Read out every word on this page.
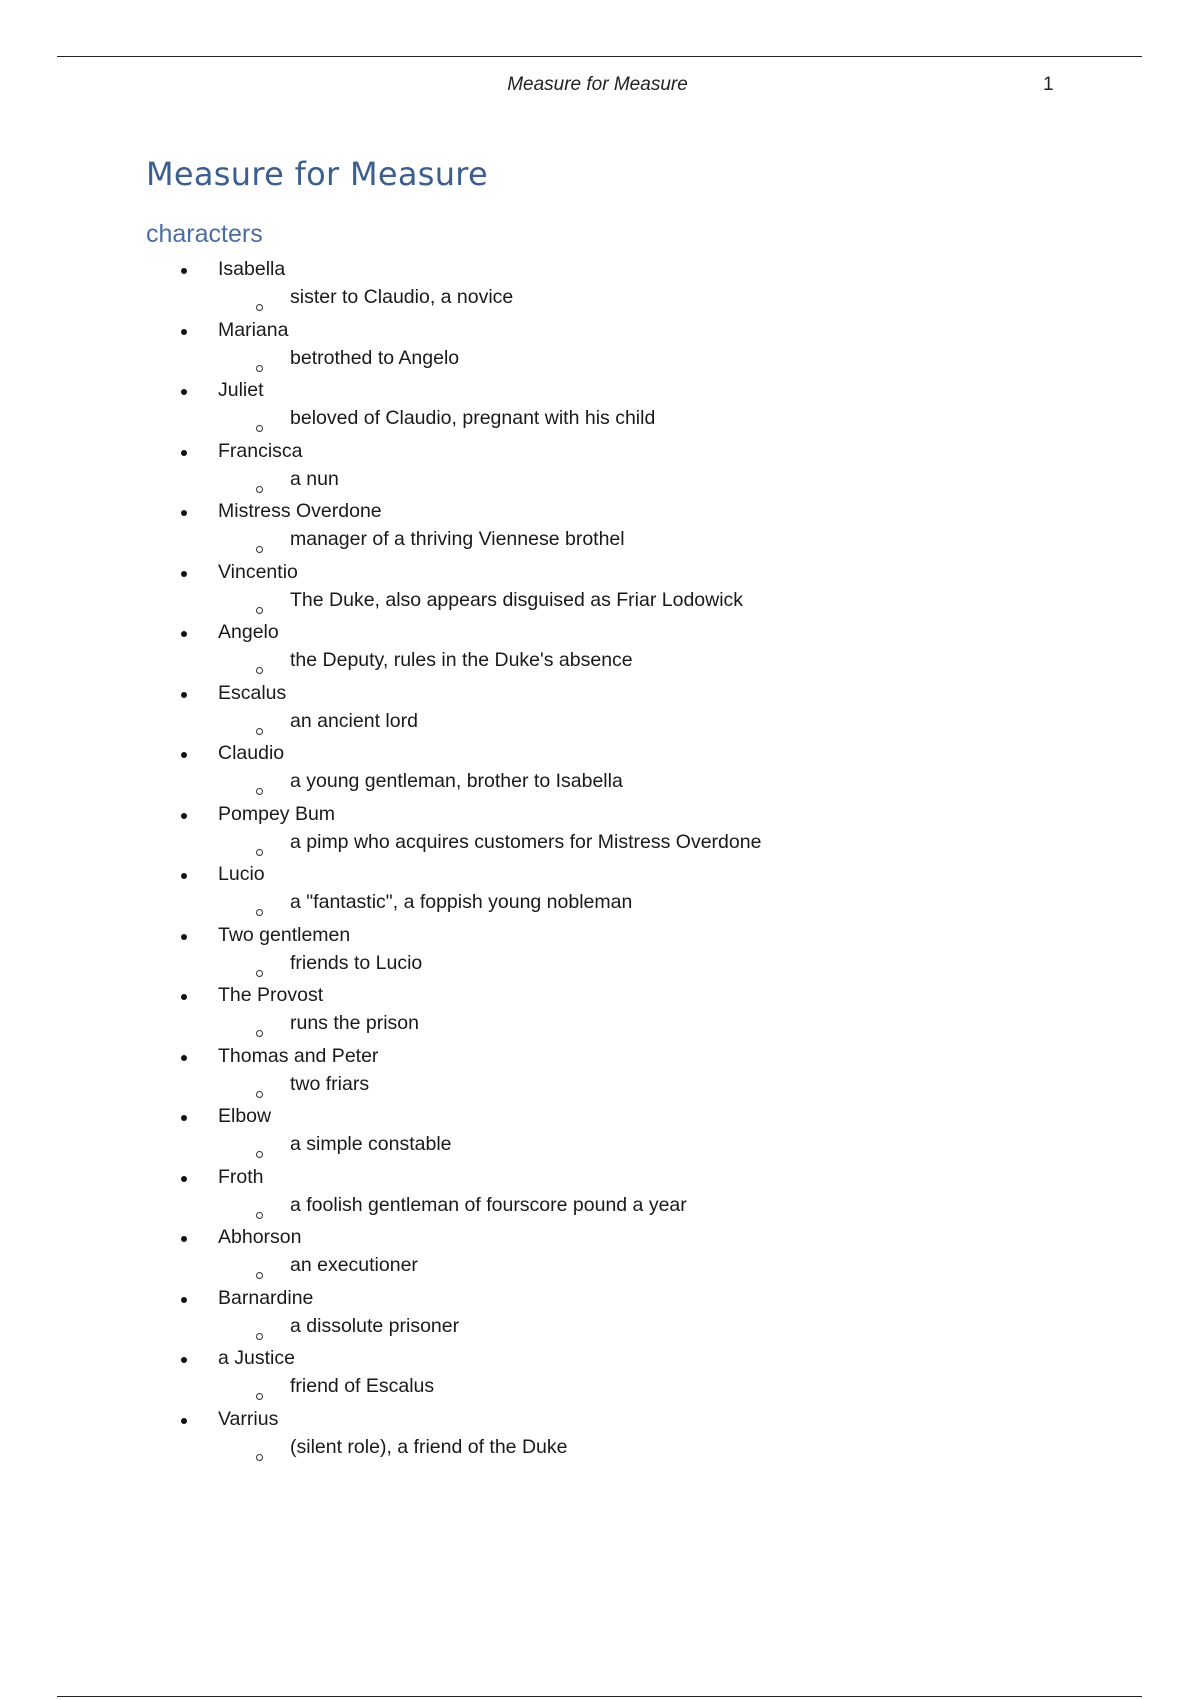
Measure for Measure	1
Measure for Measure
characters
Isabella
sister to Claudio, a novice
Mariana
betrothed to Angelo
Juliet
beloved of Claudio, pregnant with his child
Francisca
a nun
Mistress Overdone
manager of a thriving Viennese brothel
Vincentio
The Duke, also appears disguised as Friar Lodowick
Angelo
the Deputy, rules in the Duke's absence
Escalus
an ancient lord
Claudio
a young gentleman, brother to Isabella
Pompey Bum
a pimp who acquires customers for Mistress Overdone
Lucio
a "fantastic", a foppish young nobleman
Two gentlemen
friends to Lucio
The Provost
runs the prison
Thomas and Peter
two friars
Elbow
a simple constable
Froth
a foolish gentleman of fourscore pound a year
Abhorson
an executioner
Barnardine
a dissolute prisoner
a Justice
friend of Escalus
Varrius
(silent role), a friend of the Duke
